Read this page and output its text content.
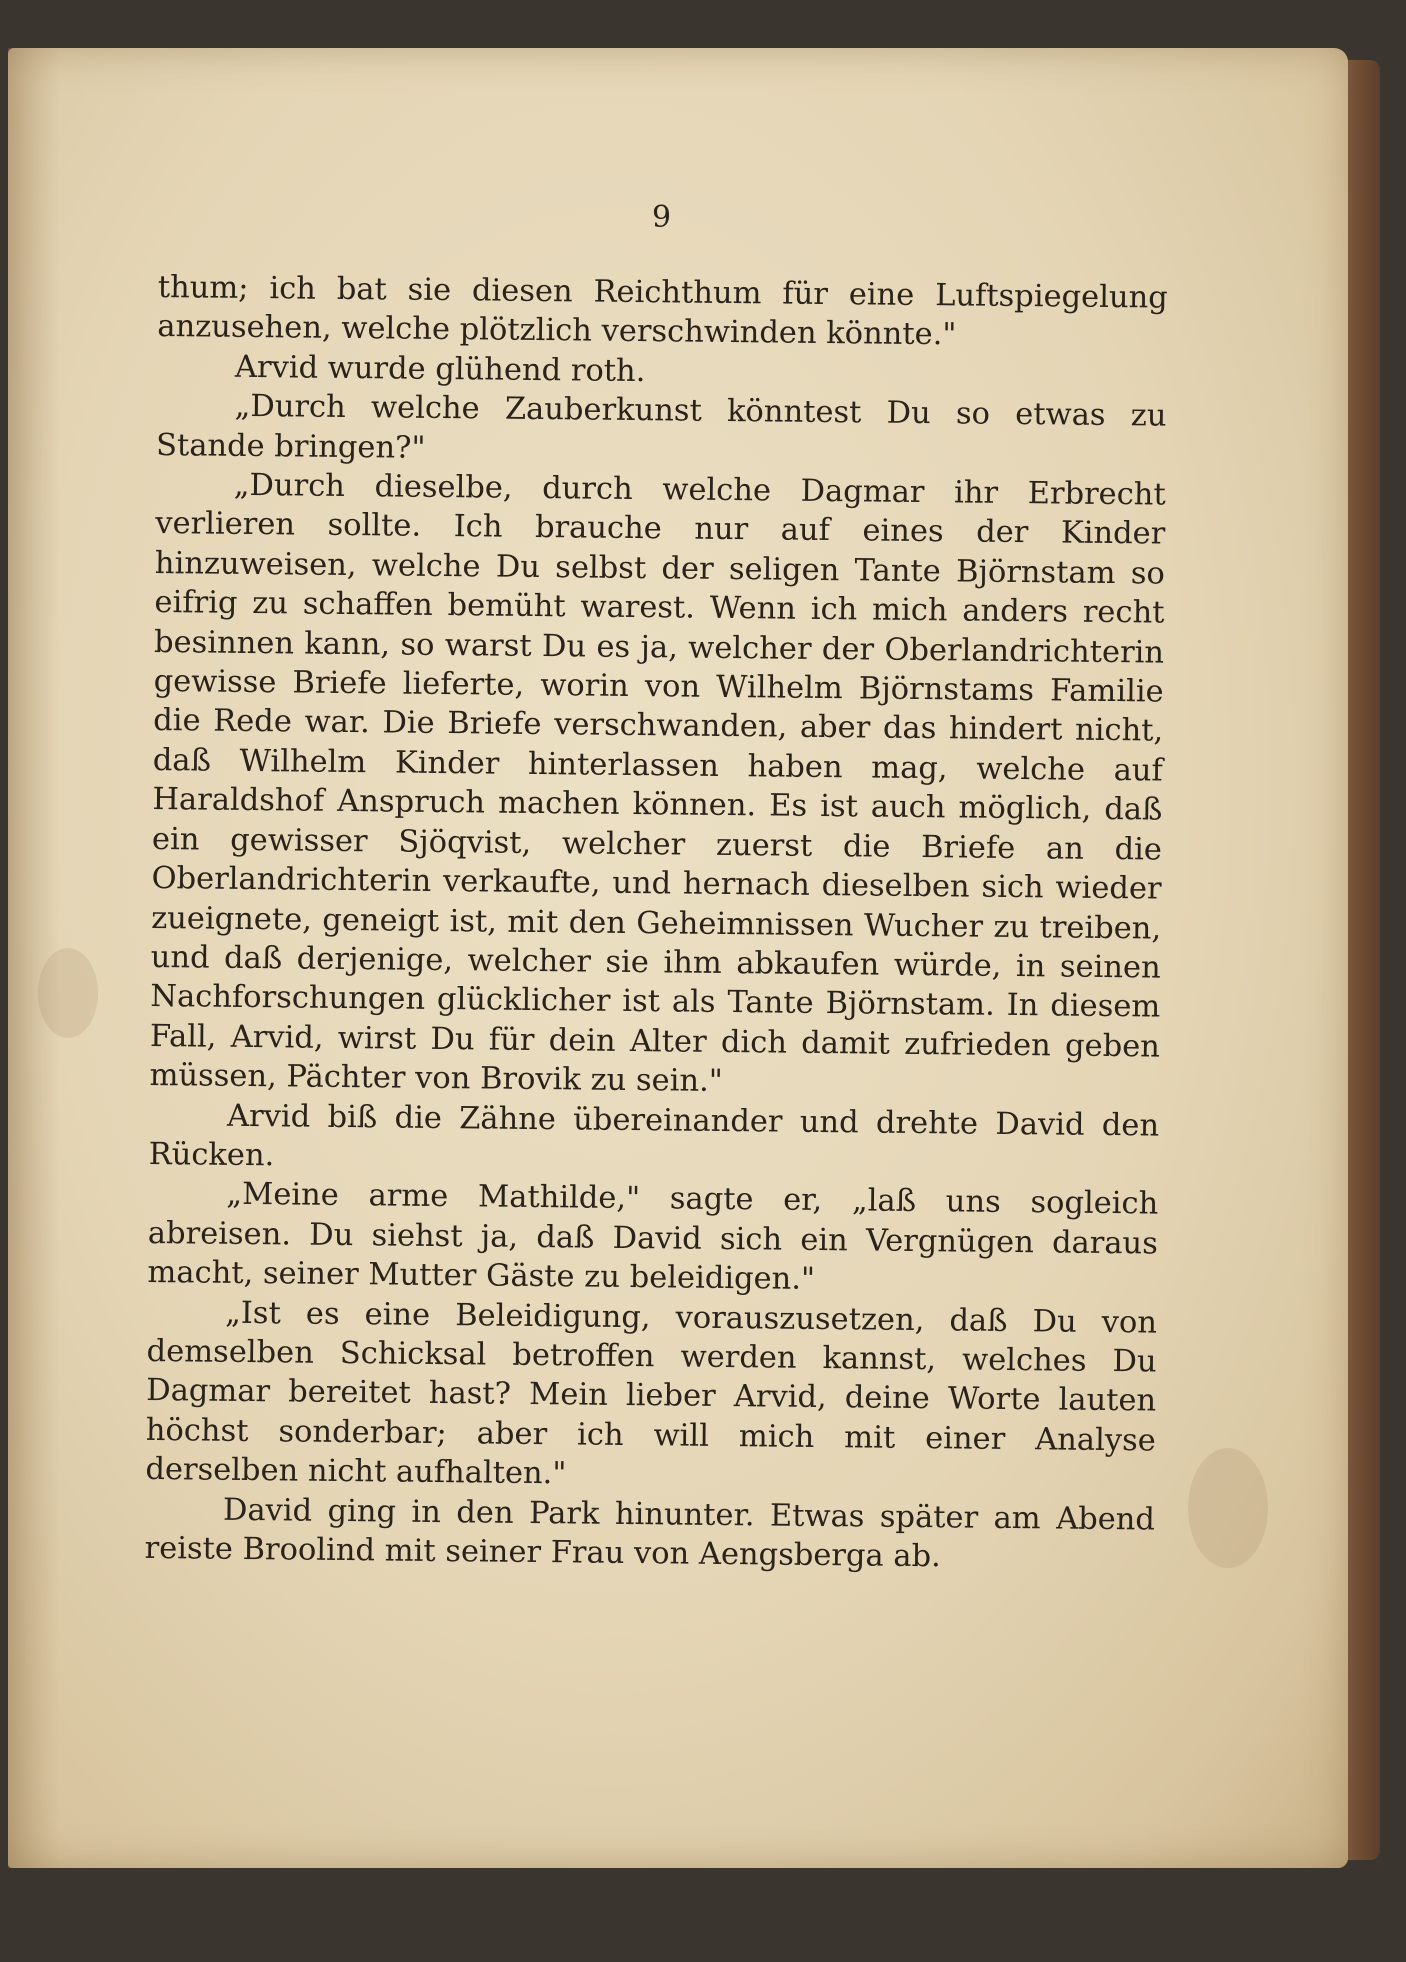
9

thum; ich bat sie diesen Reichthum für eine Luftspiegelung anzusehen, welche plötzlich verschwinden könnte."

Arvid wurde glühend roth.

„Durch welche Zauberkunst könntest Du so etwas zu Stande bringen?"

„Durch dieselbe, durch welche Dagmar ihr Erbrecht verlieren sollte. Ich brauche nur auf eines der Kinder hinzuweisen, welche Du selbst der seligen Tante Björnstam so eifrig zu schaffen bemüht warest. Wenn ich mich anders recht besinnen kann, so warst Du es ja, welcher der Oberlandrichterin gewisse Briefe lieferte, worin von Wilhelm Björnstams Familie die Rede war. Die Briefe verschwanden, aber das hindert nicht, daß Wilhelm Kinder hinterlassen haben mag, welche auf Haraldshof Anspruch machen können. Es ist auch möglich, daß ein gewisser Sjöqvist, welcher zuerst die Briefe an die Oberlandrichterin verkaufte, und hernach dieselben sich wieder zueignete, geneigt ist, mit den Geheimnissen Wucher zu treiben, und daß derjenige, welcher sie ihm abkaufen würde, in seinen Nachforschungen glücklicher ist als Tante Björnstam. In diesem Fall, Arvid, wirst Du für dein Alter dich damit zufrieden geben müssen, Pächter von Brovik zu sein."

Arvid biß die Zähne übereinander und drehte David den Rücken.

„Meine arme Mathilde," sagte er, „laß uns sogleich abreisen. Du siehst ja, daß David sich ein Vergnügen daraus macht, seiner Mutter Gäste zu beleidigen."

„Ist es eine Beleidigung, vorauszusetzen, daß Du von demselben Schicksal betroffen werden kannst, welches Du Dagmar bereitet hast? Mein lieber Arvid, deine Worte lauten höchst sonderbar; aber ich will mich mit einer Analyse derselben nicht aufhalten."

David ging in den Park hinunter. Etwas später am Abend reiste Broolind mit seiner Frau von Aengsberga ab.
